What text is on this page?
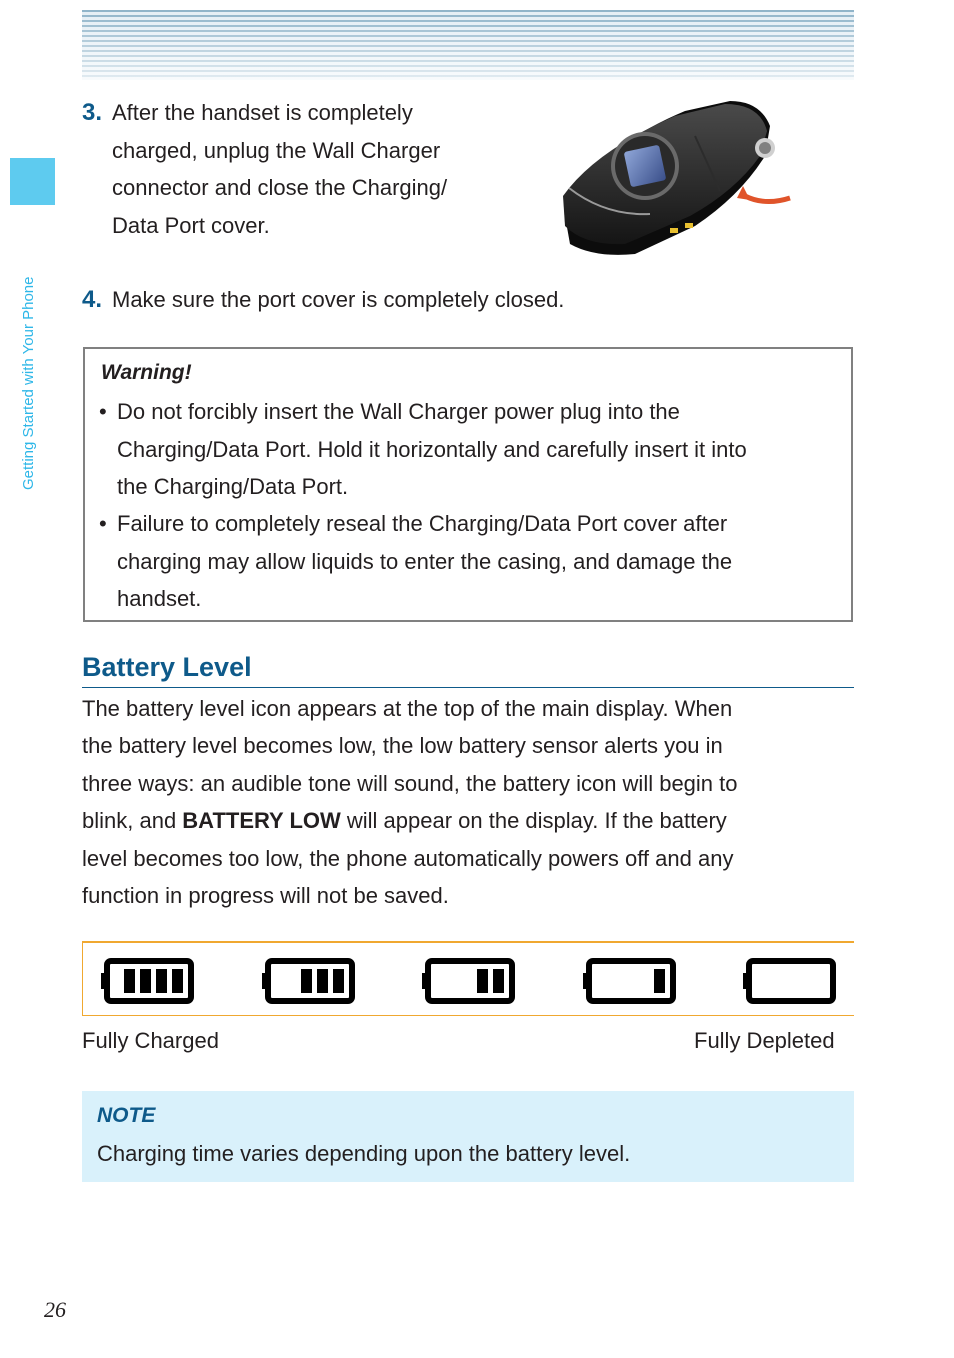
Getting Started with Your Phone
3. After the handset is completely
charged, unplug the Wall Charger
connector and close the Charging/
Data Port cover.
4. Make sure the port cover is completely closed.
Warning!
• Do not forcibly insert the Wall Charger power plug into the
Charging/Data Port. Hold it horizontally and carefully insert it into
the Charging/Data Port.
• Failure to completely reseal the Charging/Data Port cover after
charging may allow liquids to enter the casing, and damage the
handset.
Battery Level
The battery level icon appears at the top of the main display. When
the battery level becomes low, the low battery sensor alerts you in
three ways: an audible tone will sound, the battery icon will begin to
blink, and BATTERY LOW will appear on the display. If the battery
level becomes too low, the phone automatically powers off and any
function in progress will not be saved.
Fully Charged	Fully Depleted
NOTE
Charging time varies depending upon the battery level.
26
